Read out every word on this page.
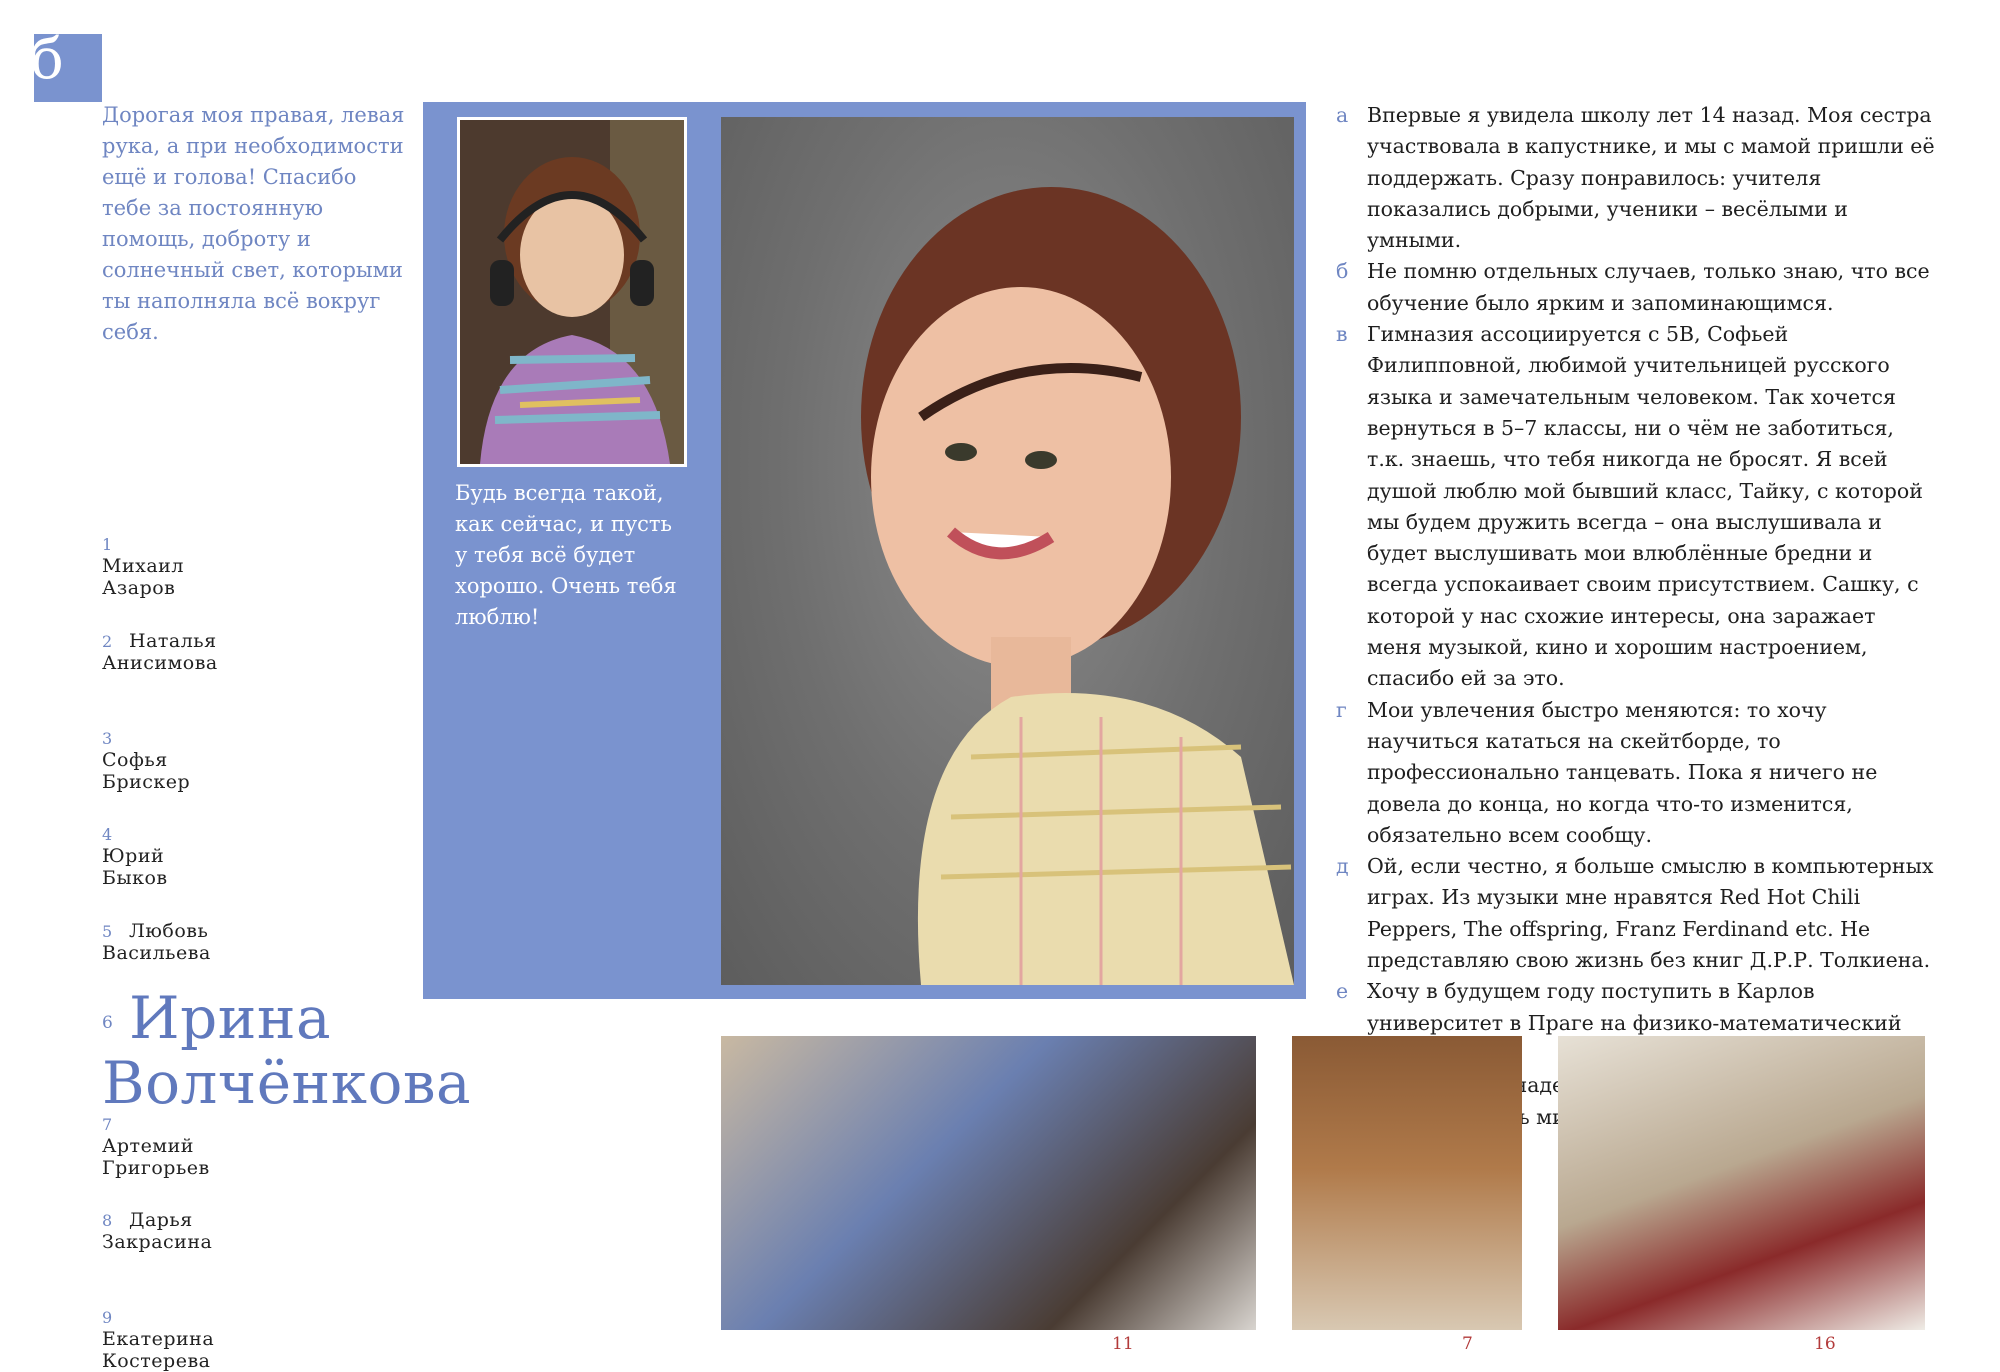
б
Дорогая моя правая, левая рука, а при необходимости ещё и голова! Спасибо тебе за постоянную помощь, доброту и солнечный свет, которыми ты наполняла всё вокруг себя.
Будь всегда такой, как сейчас, и пусть у тебя всё будет хорошо. Очень тебя люблю!
1Михаил Азаров
2 Наталья Анисимова
3Софья Брискер
4Юрий Быков
5 Любовь Васильева
6 Ирина Волчёнкова
7Артемий Григорьев
8 Дарья Закрасина
9Екатерина Костерева
а Впервые я увидела школу лет 14 назад. Моя сестра участвовала в капустнике, и мы с мамой пришли её поддержать. Сразу понравилось: учителя показались добрыми, ученики – весёлыми и умными.
б Не помню отдельных случаев, только знаю, что все обучение было ярким и запоминающимся.
в Гимназия ассоциируется с 5В, Софьей Филипповной, любимой учительницей русского языка и замечательным человеком. Так хочется вернуться в 5–7 классы, ни о чём не заботиться, т.к. знаешь, что тебя никогда не бросят. Я всей душой люблю мой бывший класс, Тайку, с которой мы будем дружить всегда – она выслушивала и будет выслушивать мои влюблённые бредни и всегда успокаивает своим присутствием. Сашку, с которой у нас схожие интересы, она заражает меня музыкой, кино и хорошим настроением, спасибо ей за это.
г Мои увлечения быстро меняются: то хочу научиться кататься на скейтборде, то профессионально танцевать. Пока я ничего не довела до конца, но когда что-то изменится, обязательно всем сообщу.
д Ой, если честно, я больше смыслю в компьютерных играх. Из музыки мне нравятся Red Hot Chili Peppers, The offspring, Franz Ferdinand etc. Не представляю свою жизнь без книг Д.Р.Р. Толкиена.
е Хочу в будущем году поступить в Карлов университет в Праге на физико-математический
11	7	16
